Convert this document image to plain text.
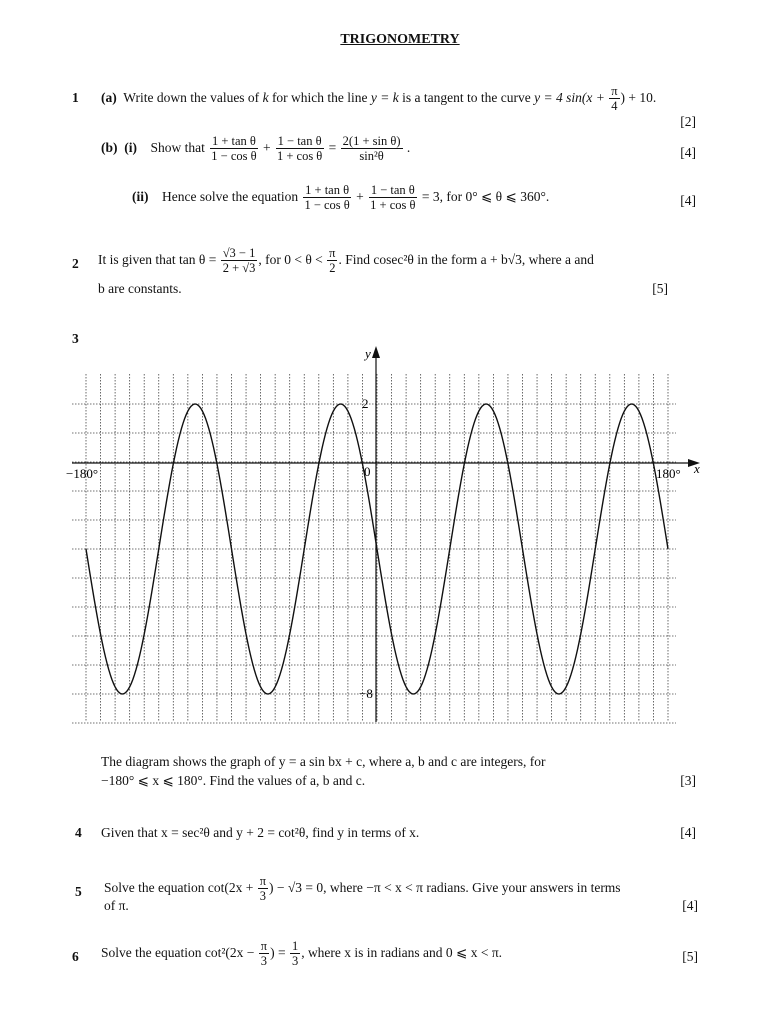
TRIGONOMETRY
1 (a) Write down the values of k for which the line y = k is a tangent to the curve y = 4 $\sin(x + \frac{\pi}{4}$ ) + 10.
[2]
(b) (i) Show that $\frac{\text{1 + tan θ}}{\text{1 − cos θ}} + \frac{\text{1 − tan θ}}{\text{1 + cos θ}} = \frac{\text{2(1 + sin θ)}}{\text{sin²θ}}$ .	[4]
(ii) Hence solve the equation $\frac{\text{1 + tan θ}}{\text{1 − cos θ}} + \frac{\text{1 − tan θ}}{\text{1 + cos θ}} = 3$, for 0° ⩽ θ ⩽ 360°.	[4]
2 It is given that $\tan \theta = \frac{√3 - 1}{2 + √3}$ , for $0 < \theta < \frac{\pi}{2}$ . Find cosec²θ in the form a + b√3, where a and
b are constants.	[5]
3
x
y
−180°	180°
2
0
−8
The diagram shows the graph of y = a sin bx + c, where a, b and c are integers, for
−180° ⩽ x ⩽ 180°. Find the values of a, b and c.	[3]
4 Given that x = sec²θ and y + 2 = cot²θ, find y in terms of x.	[4]
5 Solve the equation $\cot(2x + \frac{\pi}{3}$ ) − √3 = 0, where −π < x < π radians. Give your answers in terms
of π.	[4]
6 Solve the equation $\cot^2(2x - \frac{\pi}{3}$ ) = $\frac{1}{3}$ , where x is in radians and 0 ⩽ x < π.	[5]
